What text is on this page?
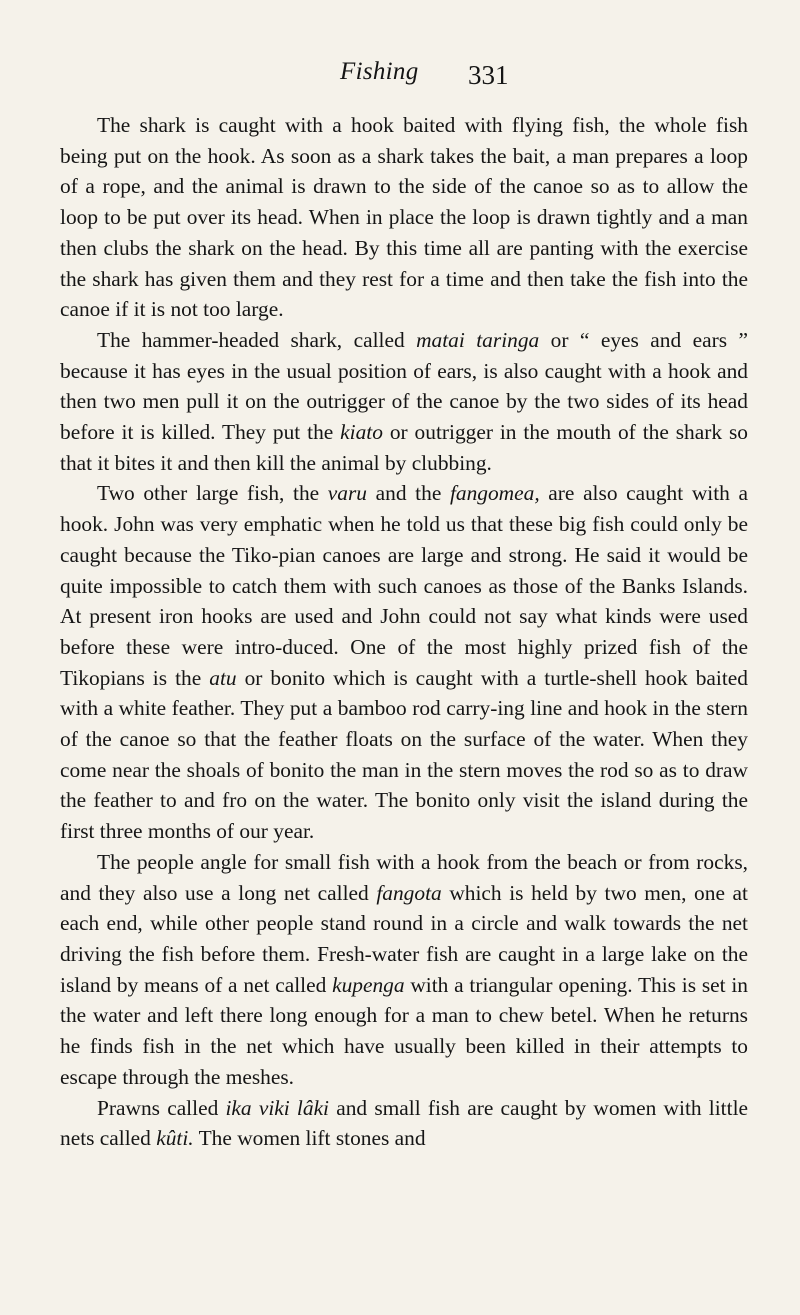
Fishing 331

The shark is caught with a hook baited with flying fish, the whole fish being put on the hook. As soon as a shark takes the bait, a man prepares a loop of a rope, and the animal is drawn to the side of the canoe so as to allow the loop to be put over its head. When in place the loop is drawn tightly and a man then clubs the shark on the head. By this time all are panting with the exercise the shark has given them and they rest for a time and then take the fish into the canoe if it is not too large.

The hammer-headed shark, called matai taringa or “ eyes and ears ” because it has eyes in the usual position of ears, is also caught with a hook and then two men pull it on the outrigger of the canoe by the two sides of its head before it is killed. They put the kiato or outrigger in the mouth of the shark so that it bites it and then kill the animal by clubbing.

Two other large fish, the varu and the fangomea, are also caught with a hook. John was very emphatic when he told us that these big fish could only be caught because the Tiko-pian canoes are large and strong. He said it would be quite impossible to catch them with such canoes as those of the Banks Islands. At present iron hooks are used and John could not say what kinds were used before these were intro-duced. One of the most highly prized fish of the Tikopians is the atu or bonito which is caught with a turtle-shell hook baited with a white feather. They put a bamboo rod carry-ing line and hook in the stern of the canoe so that the feather floats on the surface of the water. When they come near the shoals of bonito the man in the stern moves the rod so as to draw the feather to and fro on the water. The bonito only visit the island during the first three months of our year.

The people angle for small fish with a hook from the beach or from rocks, and they also use a long net called fangota which is held by two men, one at each end, while other people stand round in a circle and walk towards the net driving the fish before them. Fresh-water fish are caught in a large lake on the island by means of a net called kupenga with a triangular opening. This is set in the water and left there long enough for a man to chew betel. When he returns he finds fish in the net which have usually been killed in their attempts to escape through the meshes.

Prawns called ika viki lâki and small fish are caught by women with little nets called kûti. The women lift stones and
